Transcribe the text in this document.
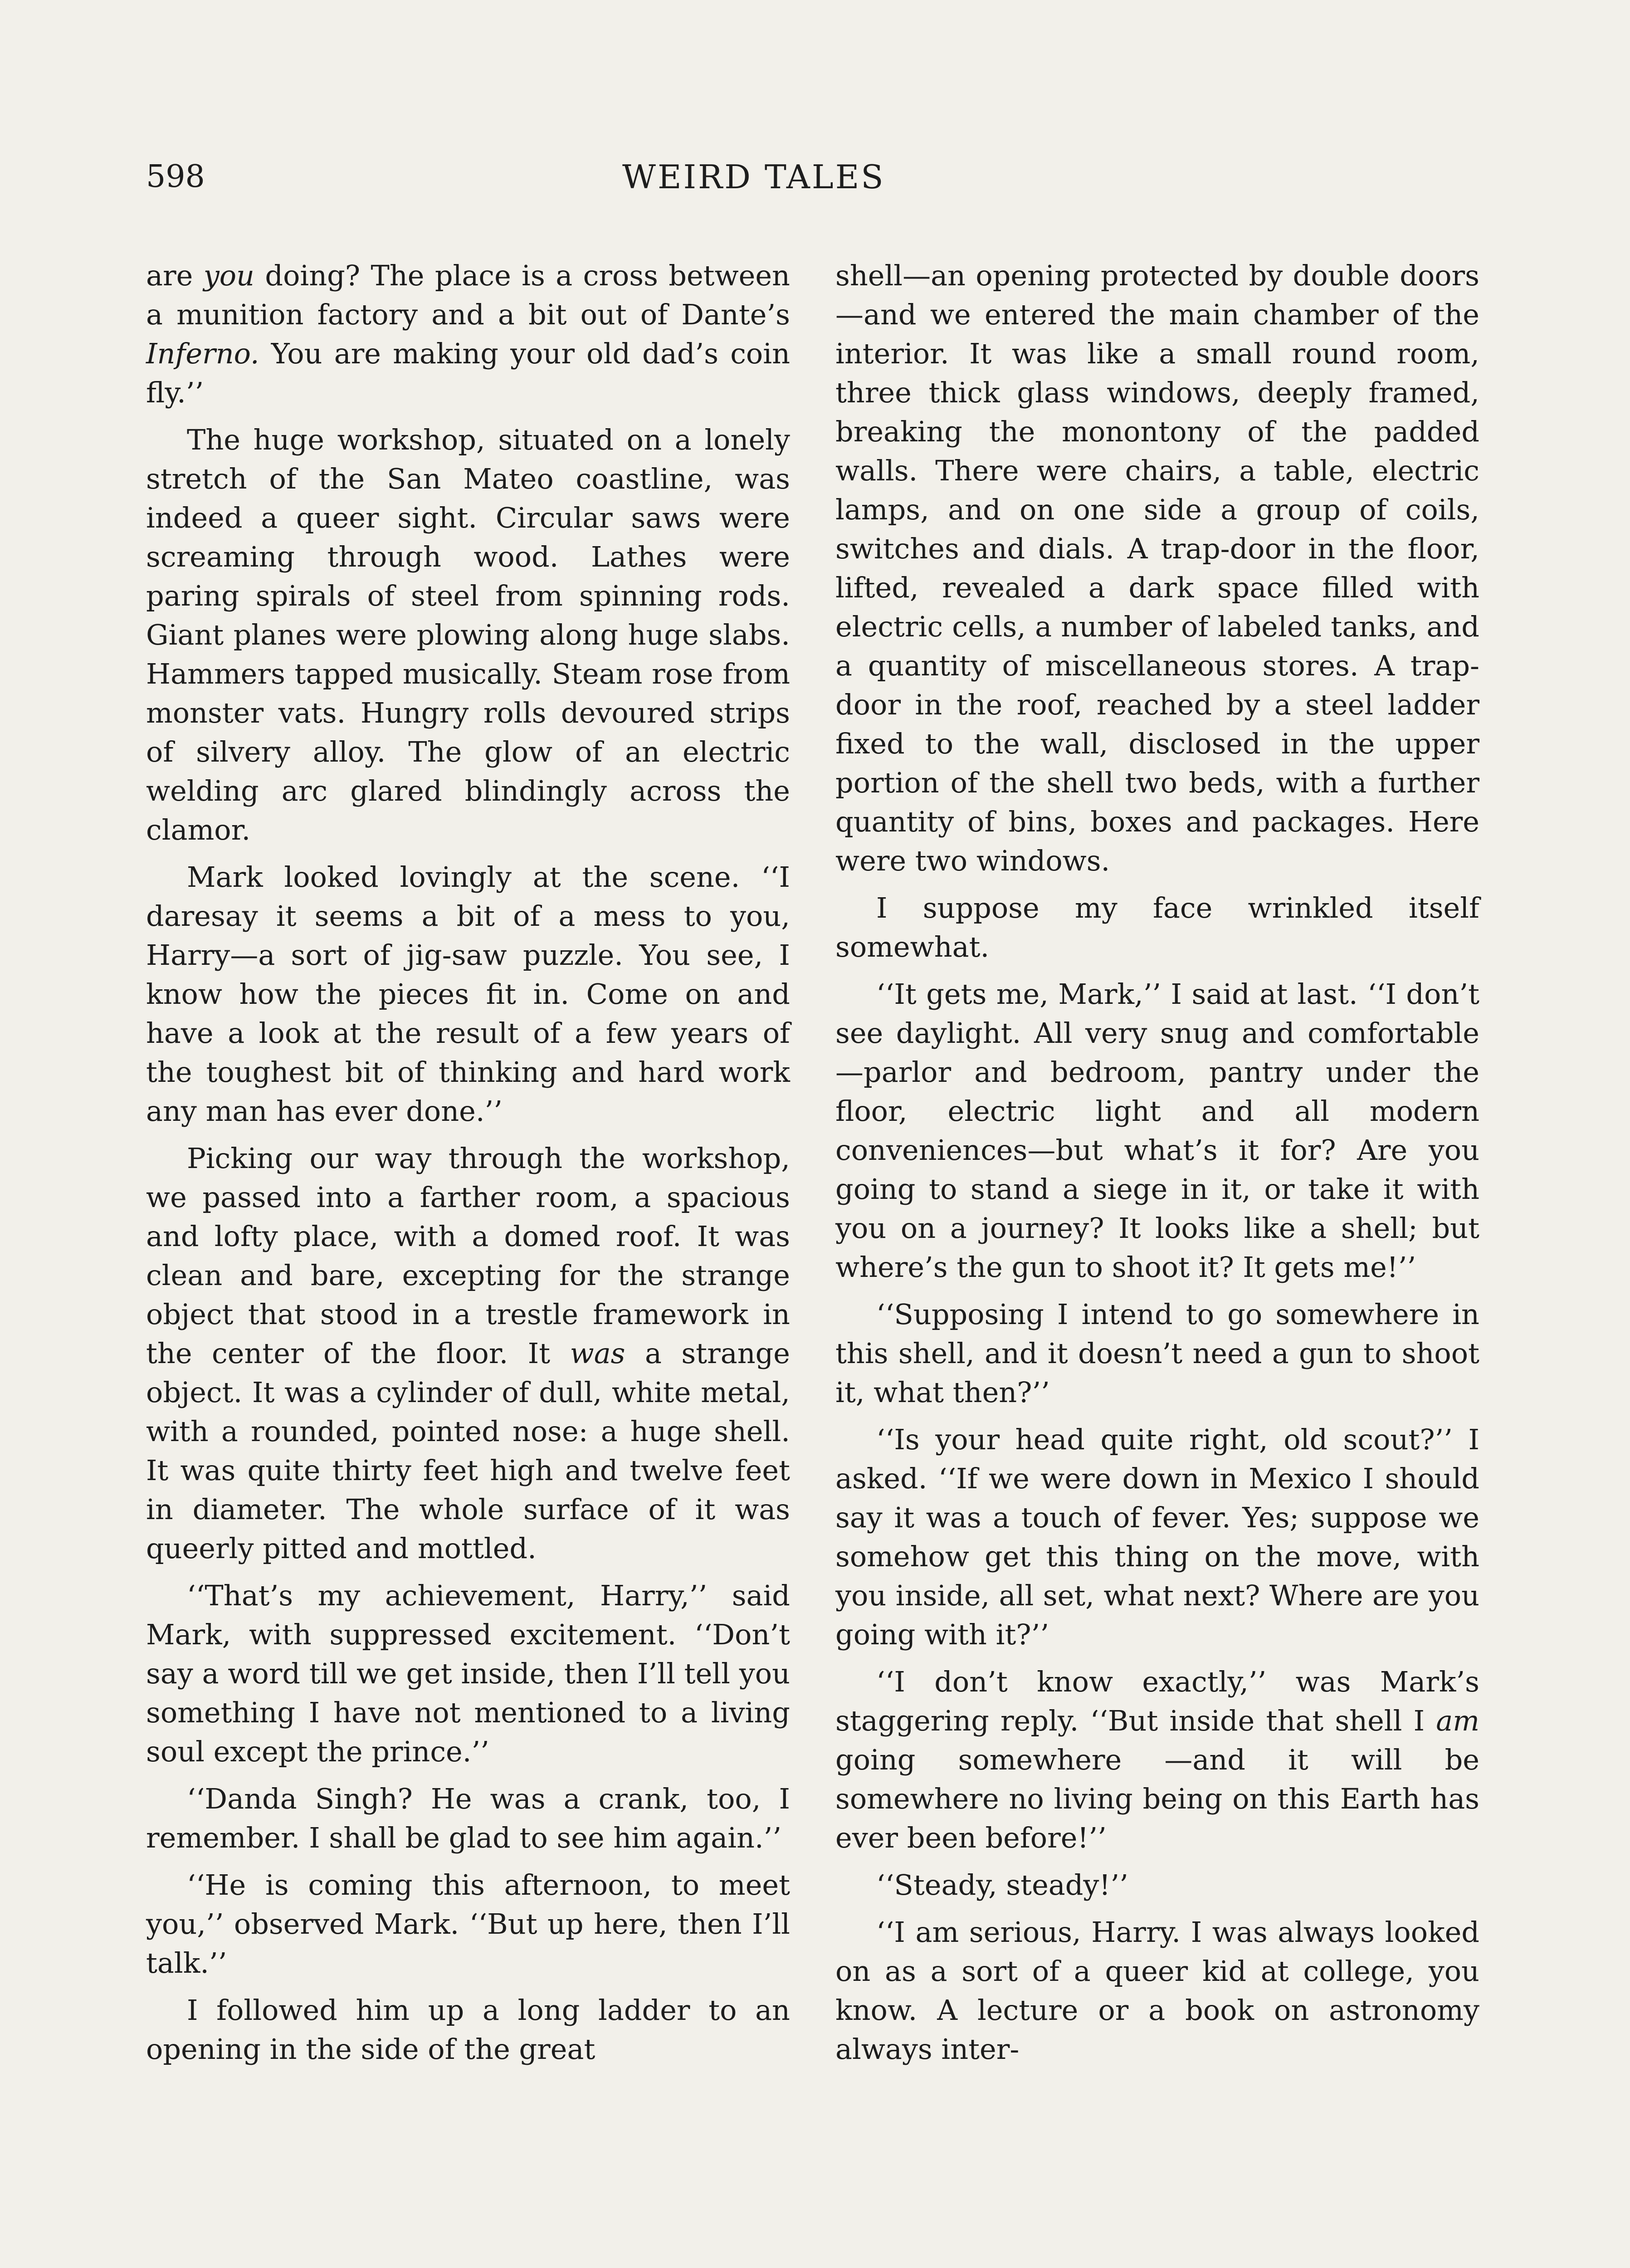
598	WEIRD TALES

are you doing? The place is a cross between a munition factory and a bit out of Dante’s Inferno. You are making your old dad’s coin fly.’’

The huge workshop, situated on a lonely stretch of the San Mateo coastline, was indeed a queer sight. Circular saws were screaming through wood. Lathes were paring spirals of steel from spinning rods. Giant planes were plowing along huge slabs. Hammers tapped musically. Steam rose from monster vats. Hungry rolls devoured strips of silvery alloy. The glow of an electric welding arc glared blindingly across the clamor.

Mark looked lovingly at the scene. ‘‘I daresay it seems a bit of a mess to you, Harry—a sort of jig-saw puzzle. You see, I know how the pieces fit in. Come on and have a look at the result of a few years of the toughest bit of thinking and hard work any man has ever done.’’

Picking our way through the workshop, we passed into a farther room, a spacious and lofty place, with a domed roof. It was clean and bare, excepting for the strange object that stood in a trestle framework in the center of the floor. It was a strange object. It was a cylinder of dull, white metal, with a rounded, pointed nose: a huge shell. It was quite thirty feet high and twelve feet in diameter. The whole surface of it was queerly pitted and mottled.

‘‘That’s my achievement, Harry,’’ said Mark, with suppressed excitement. ‘‘Don’t say a word till we get inside, then I’ll tell you something I have not mentioned to a living soul except the prince.’’

‘‘Danda Singh? He was a crank, too, I remember. I shall be glad to see him again.’’

‘‘He is coming this afternoon, to meet you,’’ observed Mark. ‘‘But up here, then I’ll talk.’’

I followed him up a long ladder to an opening in the side of the great

shell—an opening protected by double doors—and we entered the main chamber of the interior. It was like a small round room, three thick glass windows, deeply framed, breaking the monontony of the padded walls. There were chairs, a table, electric lamps, and on one side a group of coils, switches and dials. A trap-door in the floor, lifted, revealed a dark space filled with electric cells, a number of labeled tanks, and a quantity of miscellaneous stores. A trap-door in the roof, reached by a steel ladder fixed to the wall, disclosed in the upper portion of the shell two beds, with a further quantity of bins, boxes and packages. Here were two windows.

I suppose my face wrinkled itself somewhat.

‘‘It gets me, Mark,’’ I said at last. ‘‘I don’t see daylight. All very snug and comfortable—parlor and bedroom, pantry under the floor, electric light and all modern conveniences—but what’s it for? Are you going to stand a siege in it, or take it with you on a journey? It looks like a shell; but where’s the gun to shoot it? It gets me!’’

‘‘Supposing I intend to go somewhere in this shell, and it doesn’t need a gun to shoot it, what then?’’

‘‘Is your head quite right, old scout?’’ I asked. ‘‘If we were down in Mexico I should say it was a touch of fever. Yes; suppose we somehow get this thing on the move, with you inside, all set, what next? Where are you going with it?’’

‘‘I don’t know exactly,’’ was Mark’s staggering reply. ‘‘But inside that shell I am going somewhere —and it will be somewhere no living being on this Earth has ever been before!’’

‘‘Steady, steady!’’

‘‘I am serious, Harry. I was always looked on as a sort of a queer kid at college, you know. A lecture or a book on astronomy always inter-
